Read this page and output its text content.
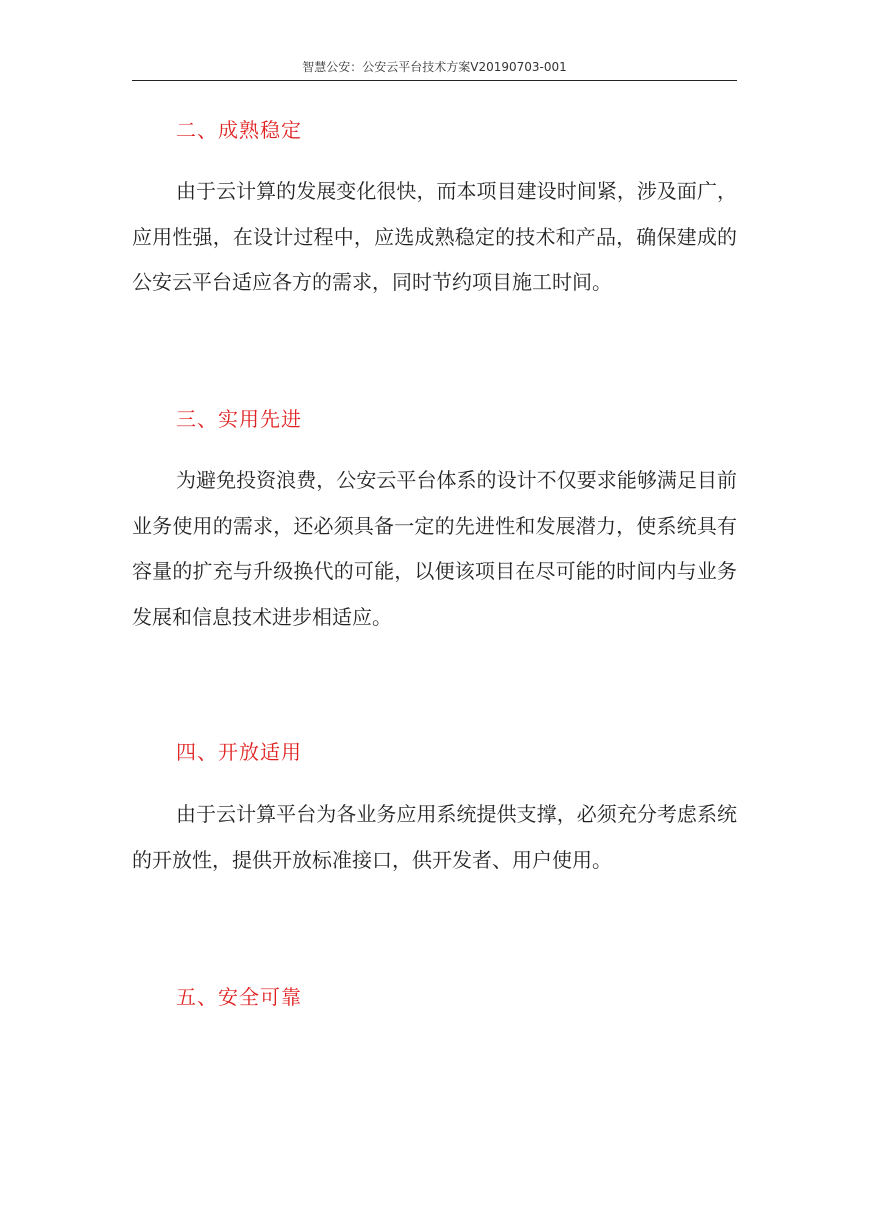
智慧公安：公安云平台技术方案V20190703-001
二、成熟稳定
由于云计算的发展变化很快，而本项目建设时间紧，涉及面广，应用性强，在设计过程中，应选成熟稳定的技术和产品，确保建成的公安云平台适应各方的需求，同时节约项目施工时间。
三、实用先进
为避免投资浪费，公安云平台体系的设计不仅要求能够满足目前业务使用的需求，还必须具备一定的先进性和发展潜力，使系统具有容量的扩充与升级换代的可能，以便该项目在尽可能的时间内与业务发展和信息技术进步相适应。
四、开放适用
由于云计算平台为各业务应用系统提供支撑，必须充分考虑系统的开放性，提供开放标准接口，供开发者、用户使用。
五、安全可靠
